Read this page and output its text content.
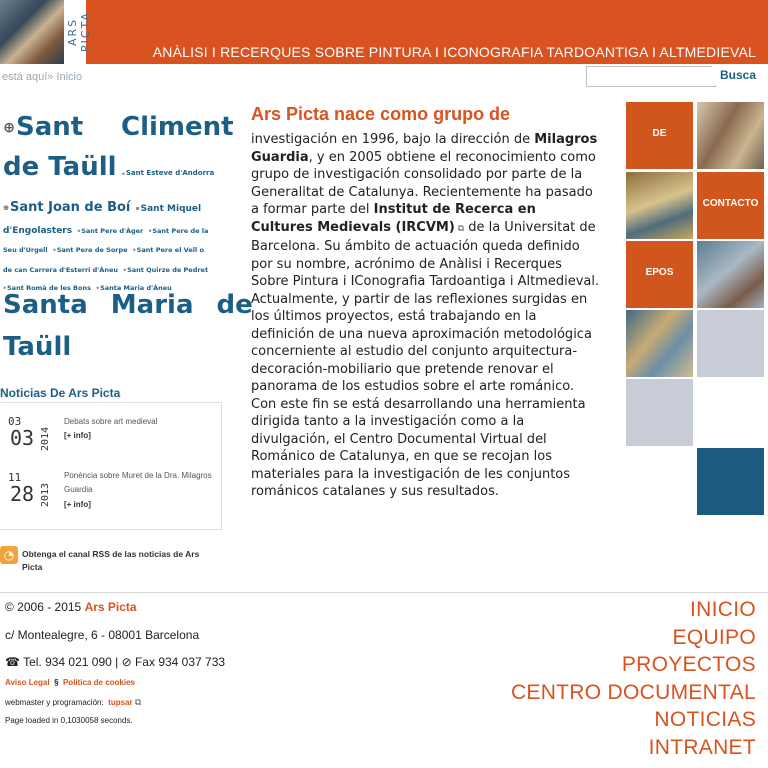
ARS PICTA	ANÀLISI I RECERQUES SOBRE PINTURA I ICONOGRAFIA TARDOANTIGA I ALTMEDIEVAL
está aquí» Inicio	Busca
⊕Sant Climent
de Taüll ⊕Sant Esteve d'Andorra
⊕Sant Joan de Boí ⊕Sant Miquel
d'Engolasters ⊕Sant Pere d'Àger ⊕Sant Pere de la
Seu d'Urgell ⊕Sant Pere de Sorpe ⊕Sant Pere el Vell o
de can Carrera d'Esterri d'Àneu ⊕Sant Quirze de Pedret
⊕Sant Romà de les Bons ⊕Santa Maria d'Àneu
Santa Maria de
Taüll
Noticias De Ars Picta
03
03 2014
Debats sobre art medieval
[+ info]
11
28 2013
Ponència sobre Muret de la Dra. Milagros Guardia
[+ info]
◔ Obtenga el canal RSS de las noticias de Ars Picta
Ars Picta nace como grupo de
investigación en 1996, bajo la dirección de Milagros Guardia, y en 2005 obtiene el reconocimiento como grupo de investigación consolidado por parte de la Generalitat de Catalunya. Recientemente ha pasado a formar parte del Institut de Recerca en Cultures Medievals (IRCVM) ⧉ de la Universitat de Barcelona. Su ámbito de actuación queda definido por su nombre, acrónimo de Anàlisi i Recerques Sobre Pintura i IConografia Tardoantiga i Altmedieval. Actualmente, y partir de las reflexiones surgidas en los últimos proyectos, está trabajando en la definición de una nueva aproximación metodológica concerniente al estudio del conjunto arquitectura-decoración-mobiliario que pretende renovar el panorama de los estudios sobre el arte románico. Con este fin se está desarrollando una herramienta dirigida tanto a la investigación como a la divulgación, el Centro Documental Virtual del Románico de Catalunya, en que se recojan los materiales para la investigación de les conjuntos románicos catalanes y sus resultados.
DE
CONTACTO
EPOS
© 2006 - 2015 Ars Picta
c/ Montealegre, 6 - 08001 Barcelona
☎ Tel. 934 021 090 | ⊘ Fax 934 037 733
Aviso Legal § Política de cookies
webmaster y programación: tupsar ⧉
Page loaded in 0,1030058 seconds.
INICIO
EQUIPO
PROYECTOS
CENTRO DOCUMENTAL
NOTICIAS
INTRANET
